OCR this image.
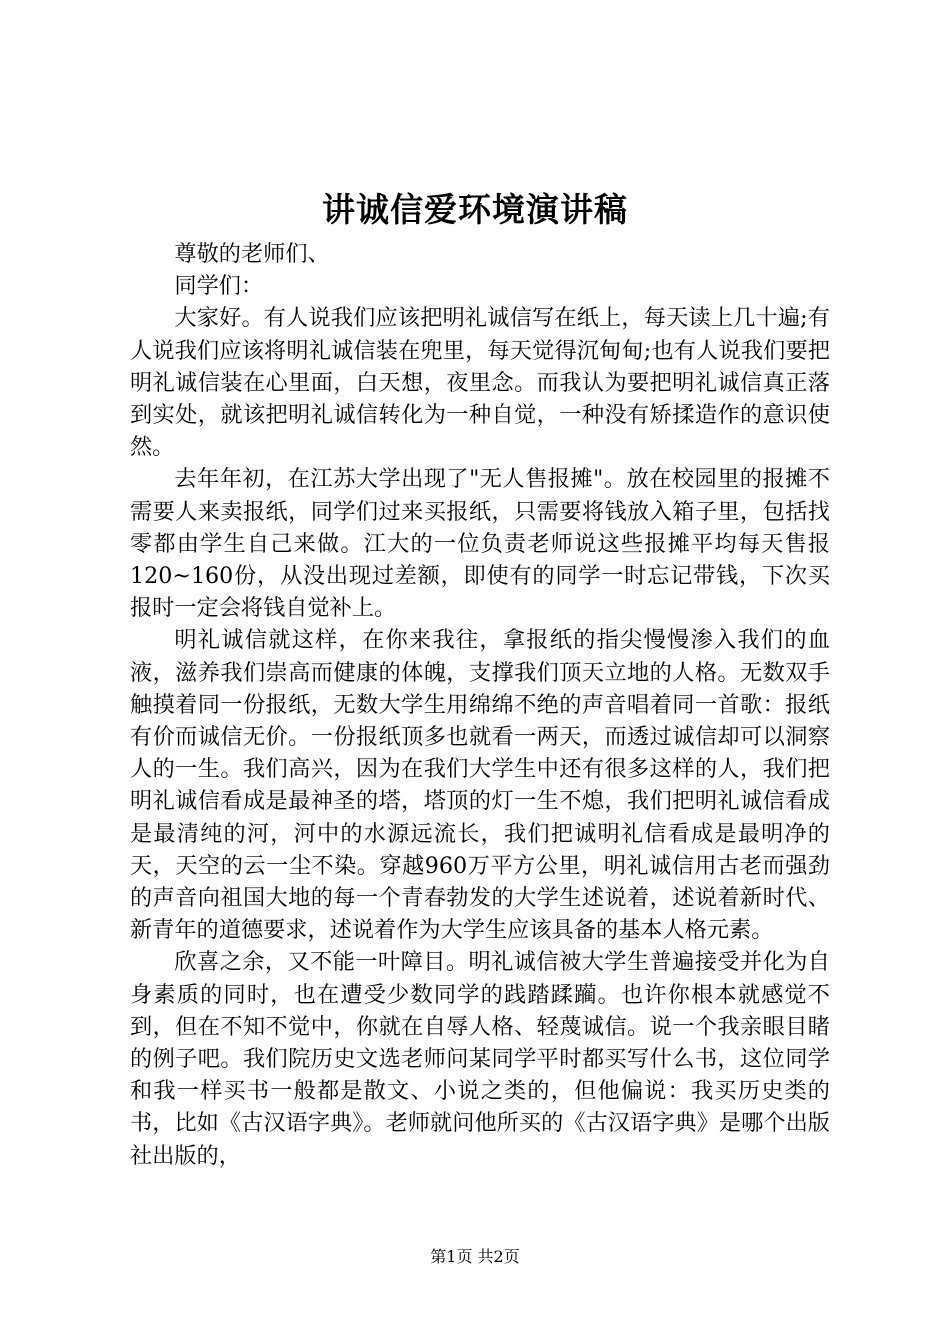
讲诚信爱环境演讲稿

尊敬的老师们、

同学们：

大家好。有人说我们应该把明礼诚信写在纸上，每天读上几十遍;有人说我们应该将明礼诚信装在兜里，每天觉得沉甸甸;也有人说我们要把明礼诚信装在心里面，白天想，夜里念。而我认为要把明礼诚信真正落到实处，就该把明礼诚信转化为一种自觉，一种没有矫揉造作的意识使然。

去年年初，在江苏大学出现了"无人售报摊"。放在校园里的报摊不需要人来卖报纸，同学们过来买报纸，只需要将钱放入箱子里，包括找零都由学生自己来做。江大的一位负责老师说这些报摊平均每天售报120~160份，从没出现过差额，即使有的同学一时忘记带钱，下次买报时一定会将钱自觉补上。

明礼诚信就这样，在你来我往，拿报纸的指尖慢慢渗入我们的血液，滋养我们崇高而健康的体魄，支撑我们顶天立地的人格。无数双手触摸着同一份报纸，无数大学生用绵绵不绝的声音唱着同一首歌：报纸有价而诚信无价。一份报纸顶多也就看一两天，而透过诚信却可以洞察人的一生。我们高兴，因为在我们大学生中还有很多这样的人，我们把明礼诚信看成是最神圣的塔，塔顶的灯一生不熄，我们把明礼诚信看成是最清纯的河，河中的水源远流长，我们把诚明礼信看成是最明净的天，天空的云一尘不染。穿越960万平方公里，明礼诚信用古老而强劲的声音向祖国大地的每一个青春勃发的大学生述说着，述说着新时代、新青年的道德要求，述说着作为大学生应该具备的基本人格元素。

欣喜之余，又不能一叶障目。明礼诚信被大学生普遍接受并化为自身素质的同时，也在遭受少数同学的践踏蹂躏。也许你根本就感觉不到，但在不知不觉中，你就在自辱人格、轻蔑诚信。说一个我亲眼目睹的例子吧。我们院历史文选老师问某同学平时都买写什么书，这位同学和我一样买书一般都是散文、小说之类的，但他偏说：我买历史类的书，比如《古汉语字典》。老师就问他所买的《古汉语字典》是哪个出版社出版的，

第1页 共2页
